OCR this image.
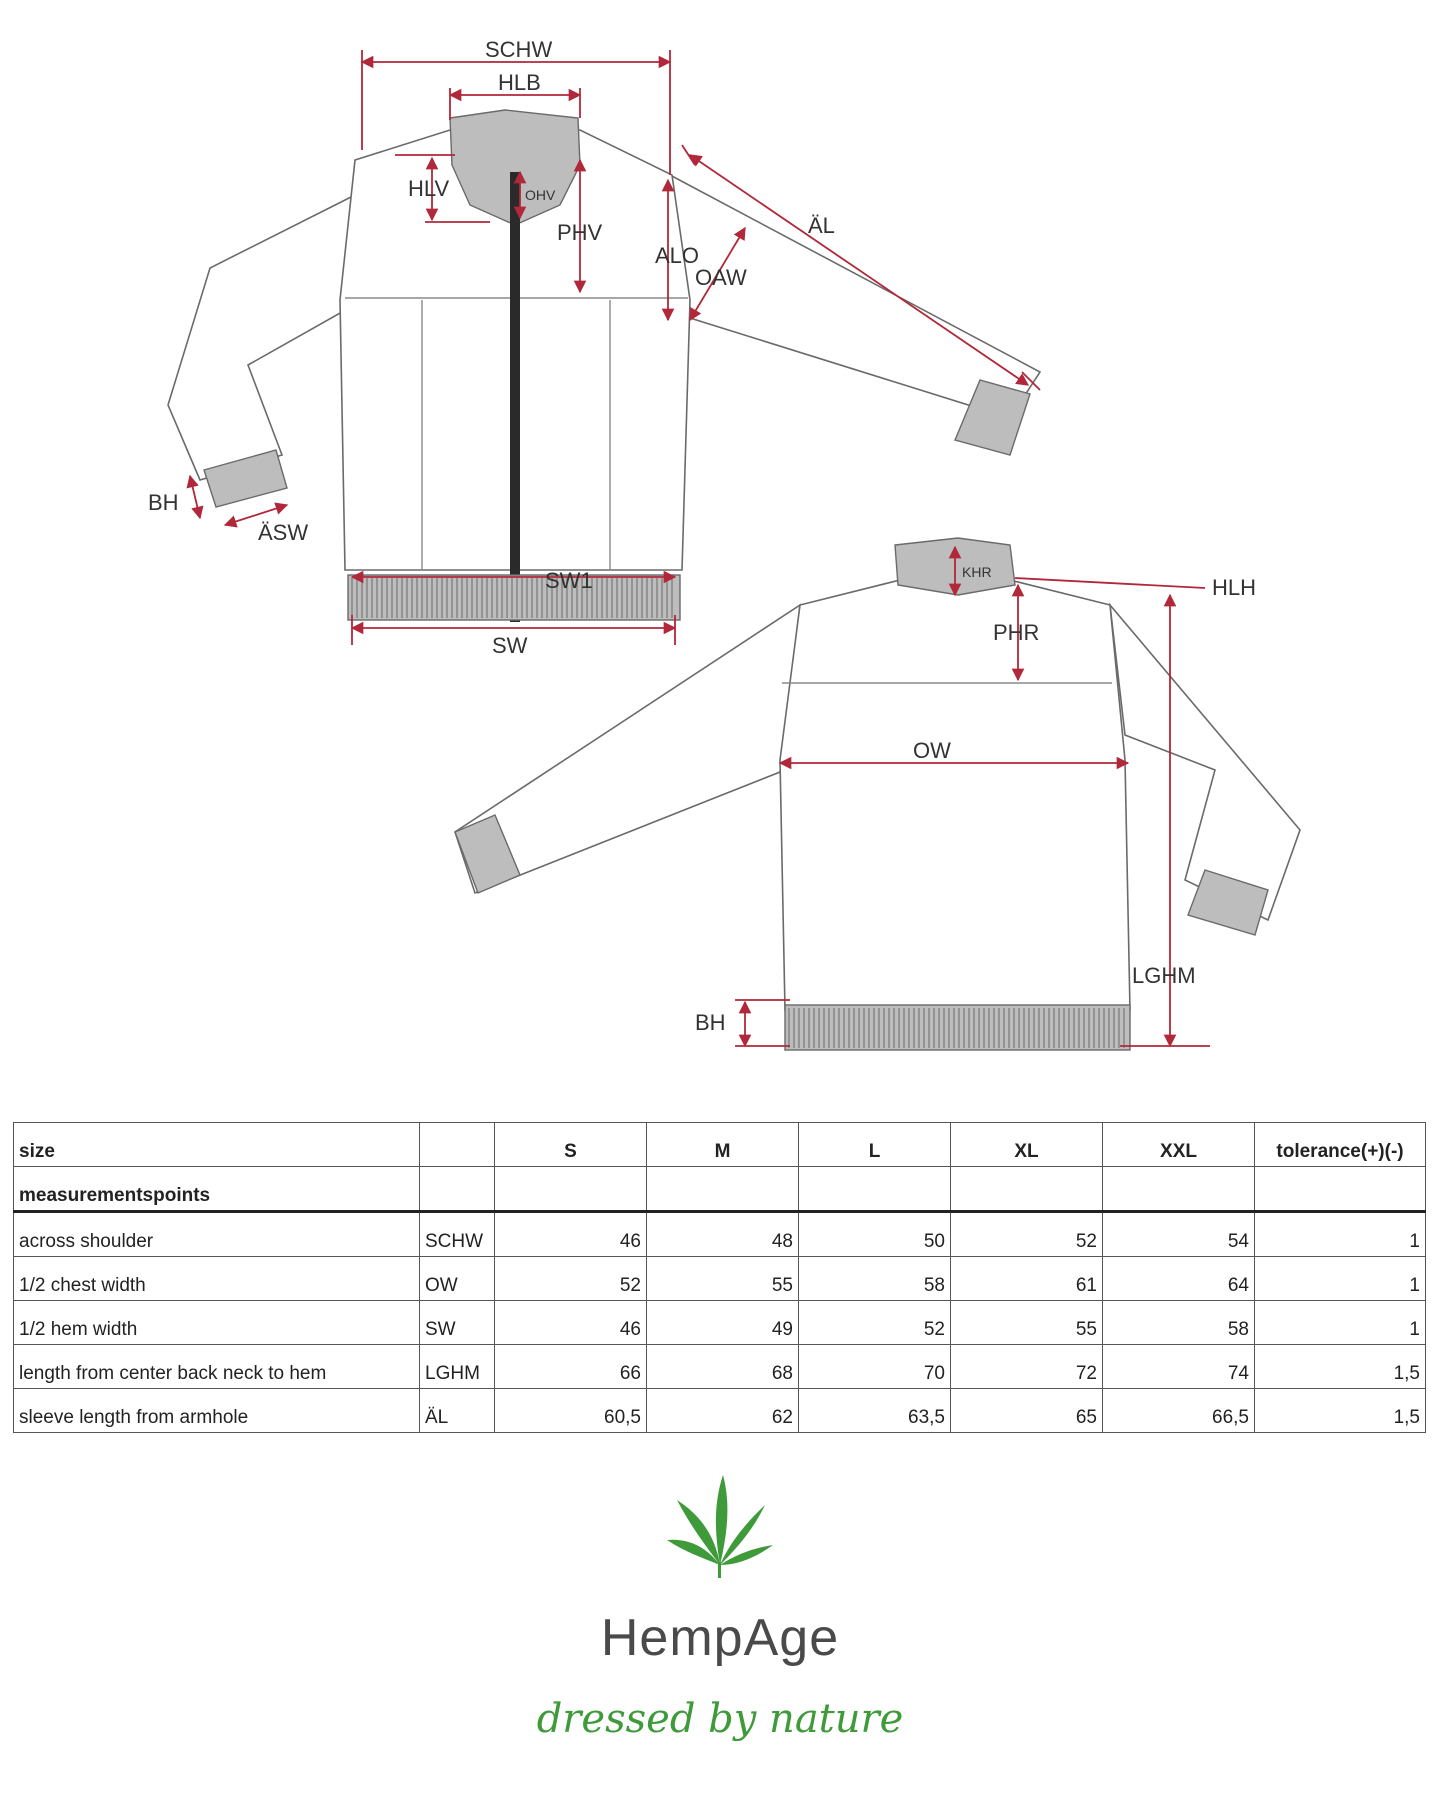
SCHW
HLB
HLV	OHV
PHV
ALO
OAW
ÄL
BH
ÄSW
SW1
SW
KHR
HLH
PHR
OW
LGHM
BH
size		S	M	L	XL	XXL	tolerance(+)(-)
measurementspoints							
across shoulder	SCHW	46	48	50	52	54	1
1/2 chest width	OW	52	55	58	61	64	1
1/2 hem width	SW	46	49	52	55	58	1
length from center back neck to hem	LGHM	66	68	70	72	74	1,5
sleeve length from armhole	ÄL	60,5	62	63,5	65	66,5	1,5
HempAge
dressed by nature
